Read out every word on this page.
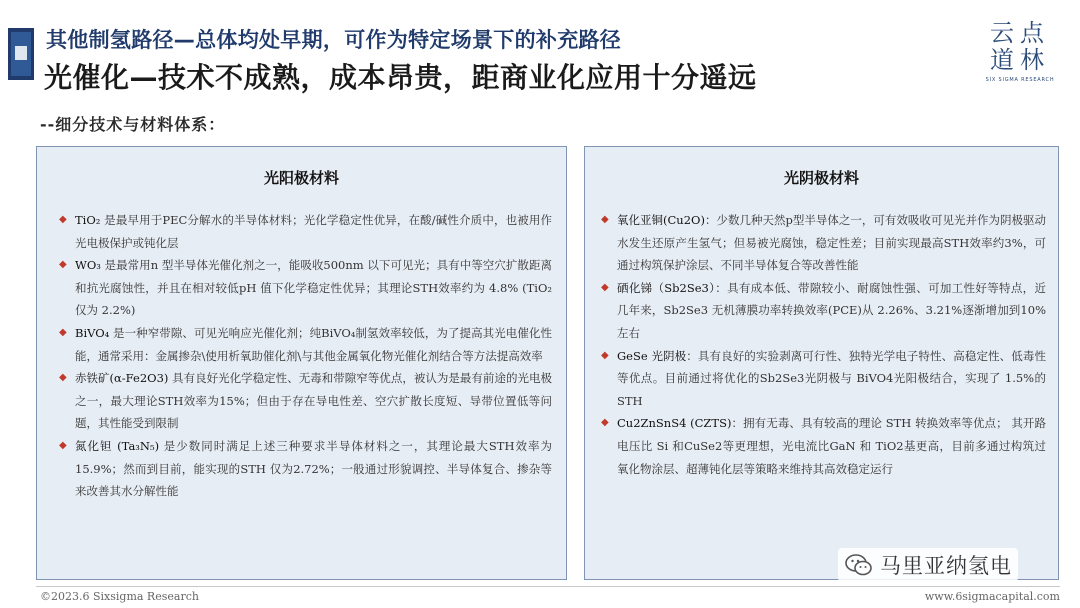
其他制氢路径—总体均处早期，可作为特定场景下的补充路径
光催化—技术不成熟，成本昂贵，距商业化应用十分遥远
云点
道林
SIX SIGMA RESEARCH
--细分技术与材料体系：
光阳极材料
◆ TiO₂ 是最早用于PEC分解水的半导体材料；光化学稳定性优异，在酸/碱性介质中，也被用作光电极保护或钝化层
◆ WO₃ 是最常用n 型半导体光催化剂之一，能吸收500nm 以下可见光；具有中等空穴扩散距离和抗光腐蚀性，并且在相对较低pH 值下化学稳定性优异；其理论STH效率约为 4.8% (TiO₂仅为 2.2%)
◆ BiVO₄ 是一种窄带隙、可见光响应光催化剂；纯BiVO₄制氢效率较低，为了提高其光电催化性能，通常采用：金属掺杂\使用析氧助催化剂\与其他金属氧化物光催化剂结合等方法提高效率
◆ 赤铁矿(α-Fe2O3) 具有良好光化学稳定性、无毒和带隙窄等优点，被认为是最有前途的光电极之一，最大理论STH效率为15%；但由于存在导电性差、空穴扩散长度短、导带位置低等问题，其性能受到限制
◆ 氮化钽 (Ta₃N₅) 是少数同时满足上述三种要求半导体材料之一，其理论最大STH效率为15.9%；然而到目前，能实现的STH 仅为2.72%；一般通过形貌调控、半导体复合、掺杂等来改善其水分解性能
光阴极材料
◆ 氧化亚铜(Cu2O)：少数几种天然p型半导体之一，可有效吸收可见光并作为阴极驱动水发生还原产生氢气；但易被光腐蚀，稳定性差；目前实现最高STH效率约3%，可通过构筑保护涂层、不同半导体复合等改善性能
◆ 硒化锑（Sb2Se3）：具有成本低、带隙较小、耐腐蚀性强、可加工性好等特点，近几年来，Sb2Se3 无机薄膜功率转换效率(PCE)从 2.26%、3.21%逐渐增加到10%左右
◆ GeSe 光阴极：具有良好的实验剥离可行性、独特光学电子特性、高稳定性、低毒性等优点。目前通过将优化的Sb2Se3光阴极与 BiVO4光阳极结合，实现了 1.5%的 STH
◆ Cu2ZnSnS4 (CZTS)：拥有无毒、具有较高的理论 STH 转换效率等优点； 其开路电压比 Si 和CuSe2等更理想，光电流比GaN 和 TiO2基更高，目前多通过构筑过氧化物涂层、超薄钝化层等策略来维持其高效稳定运行
马里亚纳氢电
©2023.6 Sixsigma Research	www.6sigmacapital.com
